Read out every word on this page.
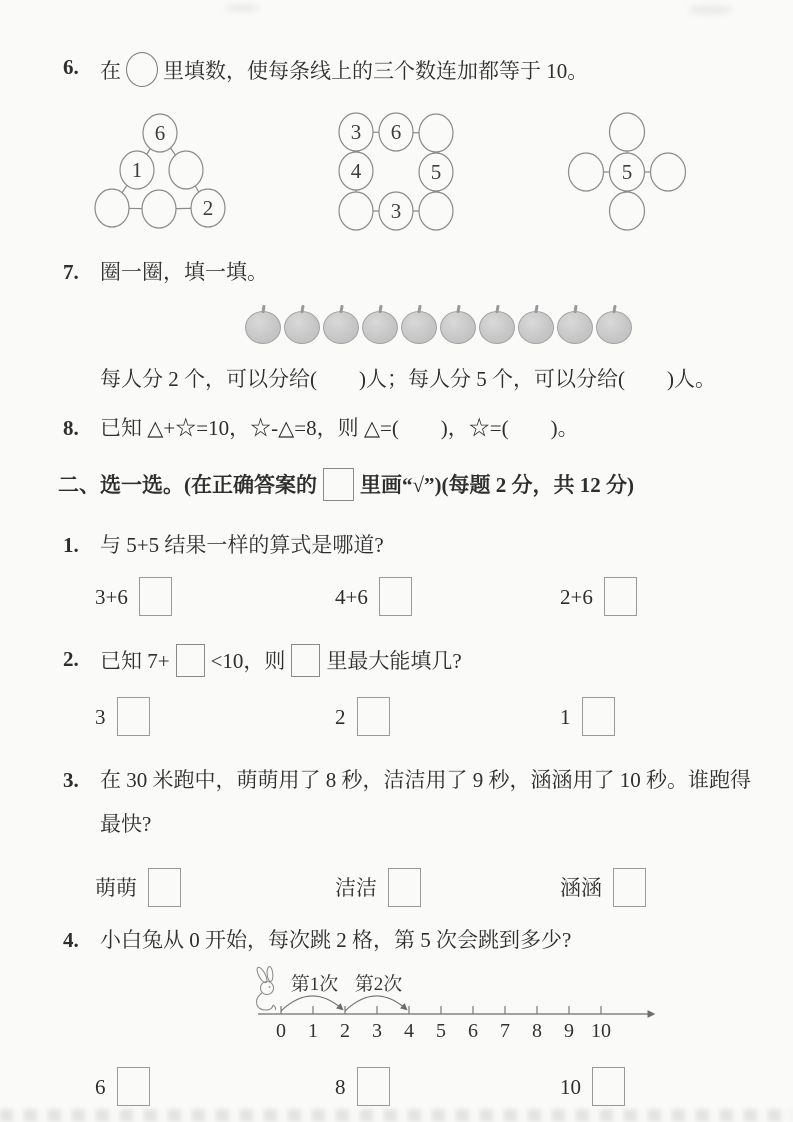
6.	在 里填数，使每条线上的三个数连加都等于 10。
6
1
2
3 6
4	5
3
5
7.	圈一圈，填一填。
每人分 2 个，可以分给(　　)人；每人分 5 个，可以分给(　　)人。
8.	已知 △+☆=10，☆-△=8，则 △=(　　)，☆=(　　)。
二、选一选。(在正确答案的 里画“√”)(每题 2 分，共 12 分)
1.	与 5+5 结果一样的算式是哪道?
3+6	4+6	2+6
2.	已知 7+ <10，则 里最大能填几?
3	2	1
3.	在 30 米跑中，萌萌用了 8 秒，洁洁用了 9 秒，涵涵用了 10 秒。谁跑得最快?
萌萌	洁洁	涵涵
4.	小白兔从 0 开始，每次跳 2 格，第 5 次会跳到多少?
0 1 2 3 4 5 6 7 8 9 10
第1次 第2次
6	8	10
